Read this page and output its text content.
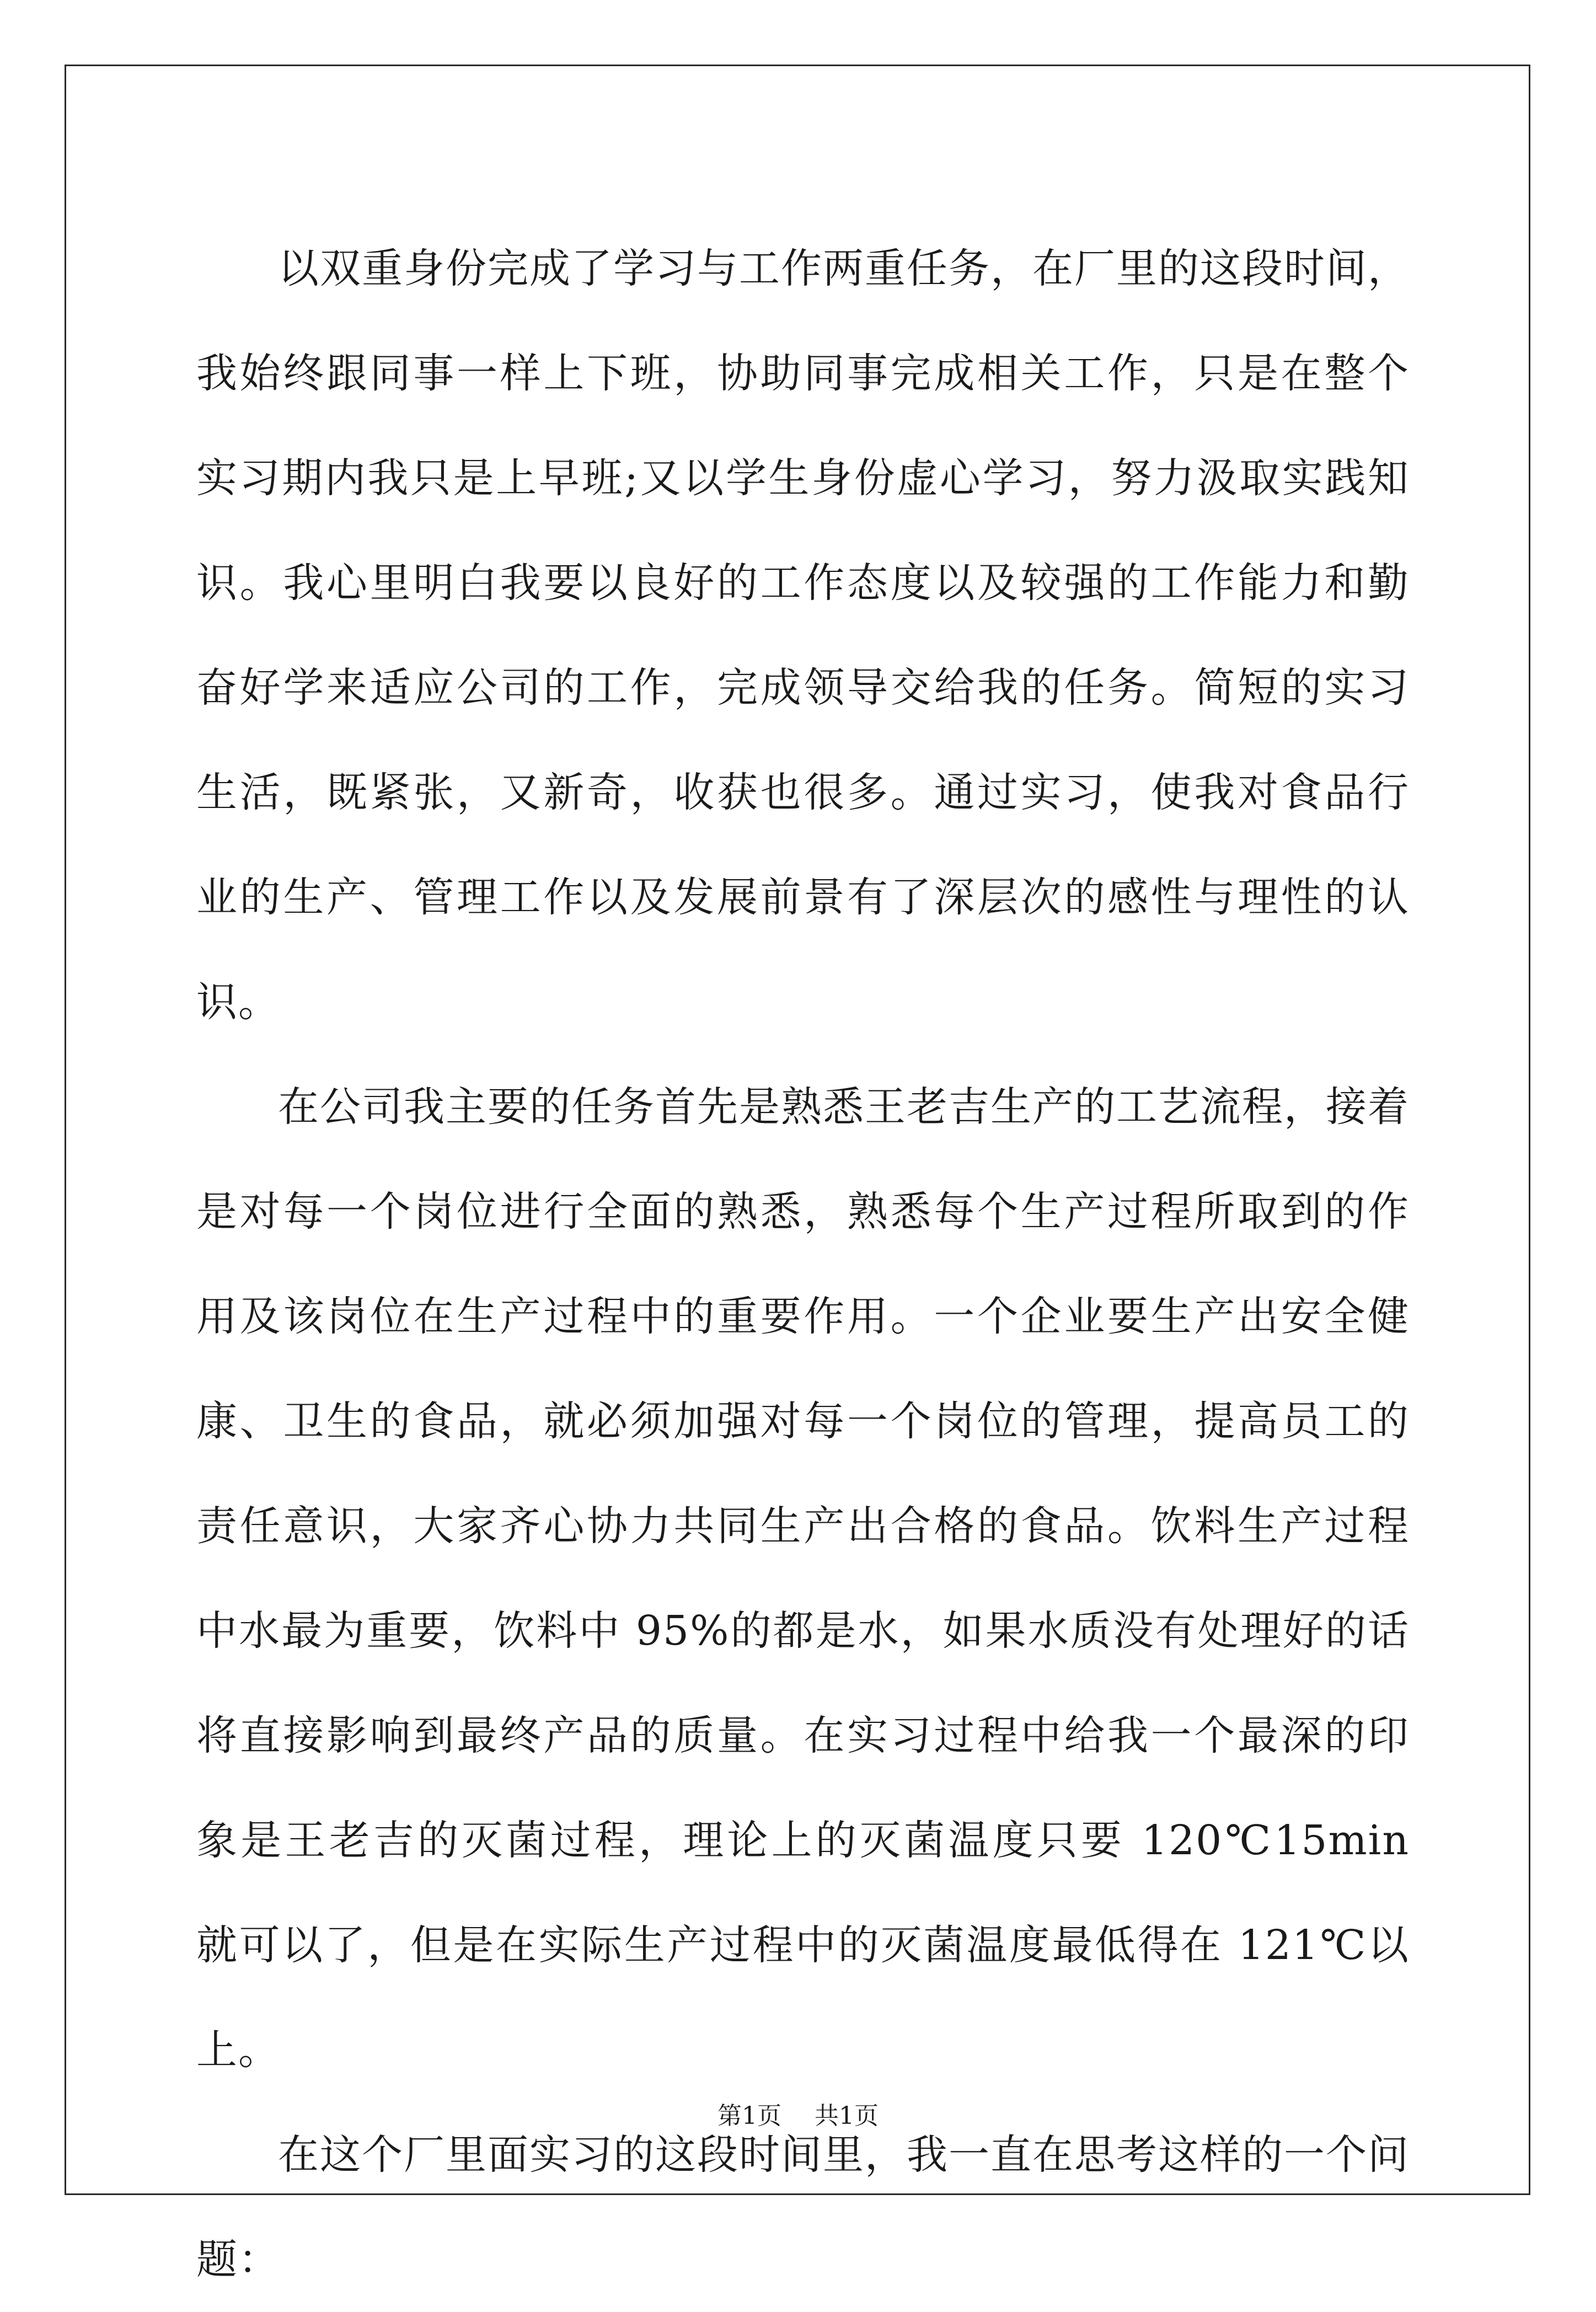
以双重身份完成了学习与工作两重任务，在厂里的这段时间，我始终跟同事一样上下班，协助同事完成相关工作，只是在整个实习期内我只是上早班;又以学生身份虚心学习，努力汲取实践知识。我心里明白我要以良好的工作态度以及较强的工作能力和勤奋好学来适应公司的工作，完成领导交给我的任务。简短的实习生活，既紧张，又新奇，收获也很多。通过实习，使我对食品行业的生产、管理工作以及发展前景有了深层次的感性与理性的认识。

在公司我主要的任务首先是熟悉王老吉生产的工艺流程，接着是对每一个岗位进行全面的熟悉，熟悉每个生产过程所取到的作用及该岗位在生产过程中的重要作用。一个企业要生产出安全健康、卫生的食品，就必须加强对每一个岗位的管理，提高员工的责任意识，大家齐心协力共同生产出合格的食品。饮料生产过程中水最为重要，饮料中 95%的都是水，如果水质没有处理好的话将直接影响到最终产品的质量。在实习过程中给我一个最深的印象是王老吉的灭菌过程，理论上的灭菌温度只要 120℃15min 就可以了，但是在实际生产过程中的灭菌温度最低得在 121℃以上。

在这个厂里面实习的这段时间里，我一直在思考这样的一个问题：

第1页 共1页
